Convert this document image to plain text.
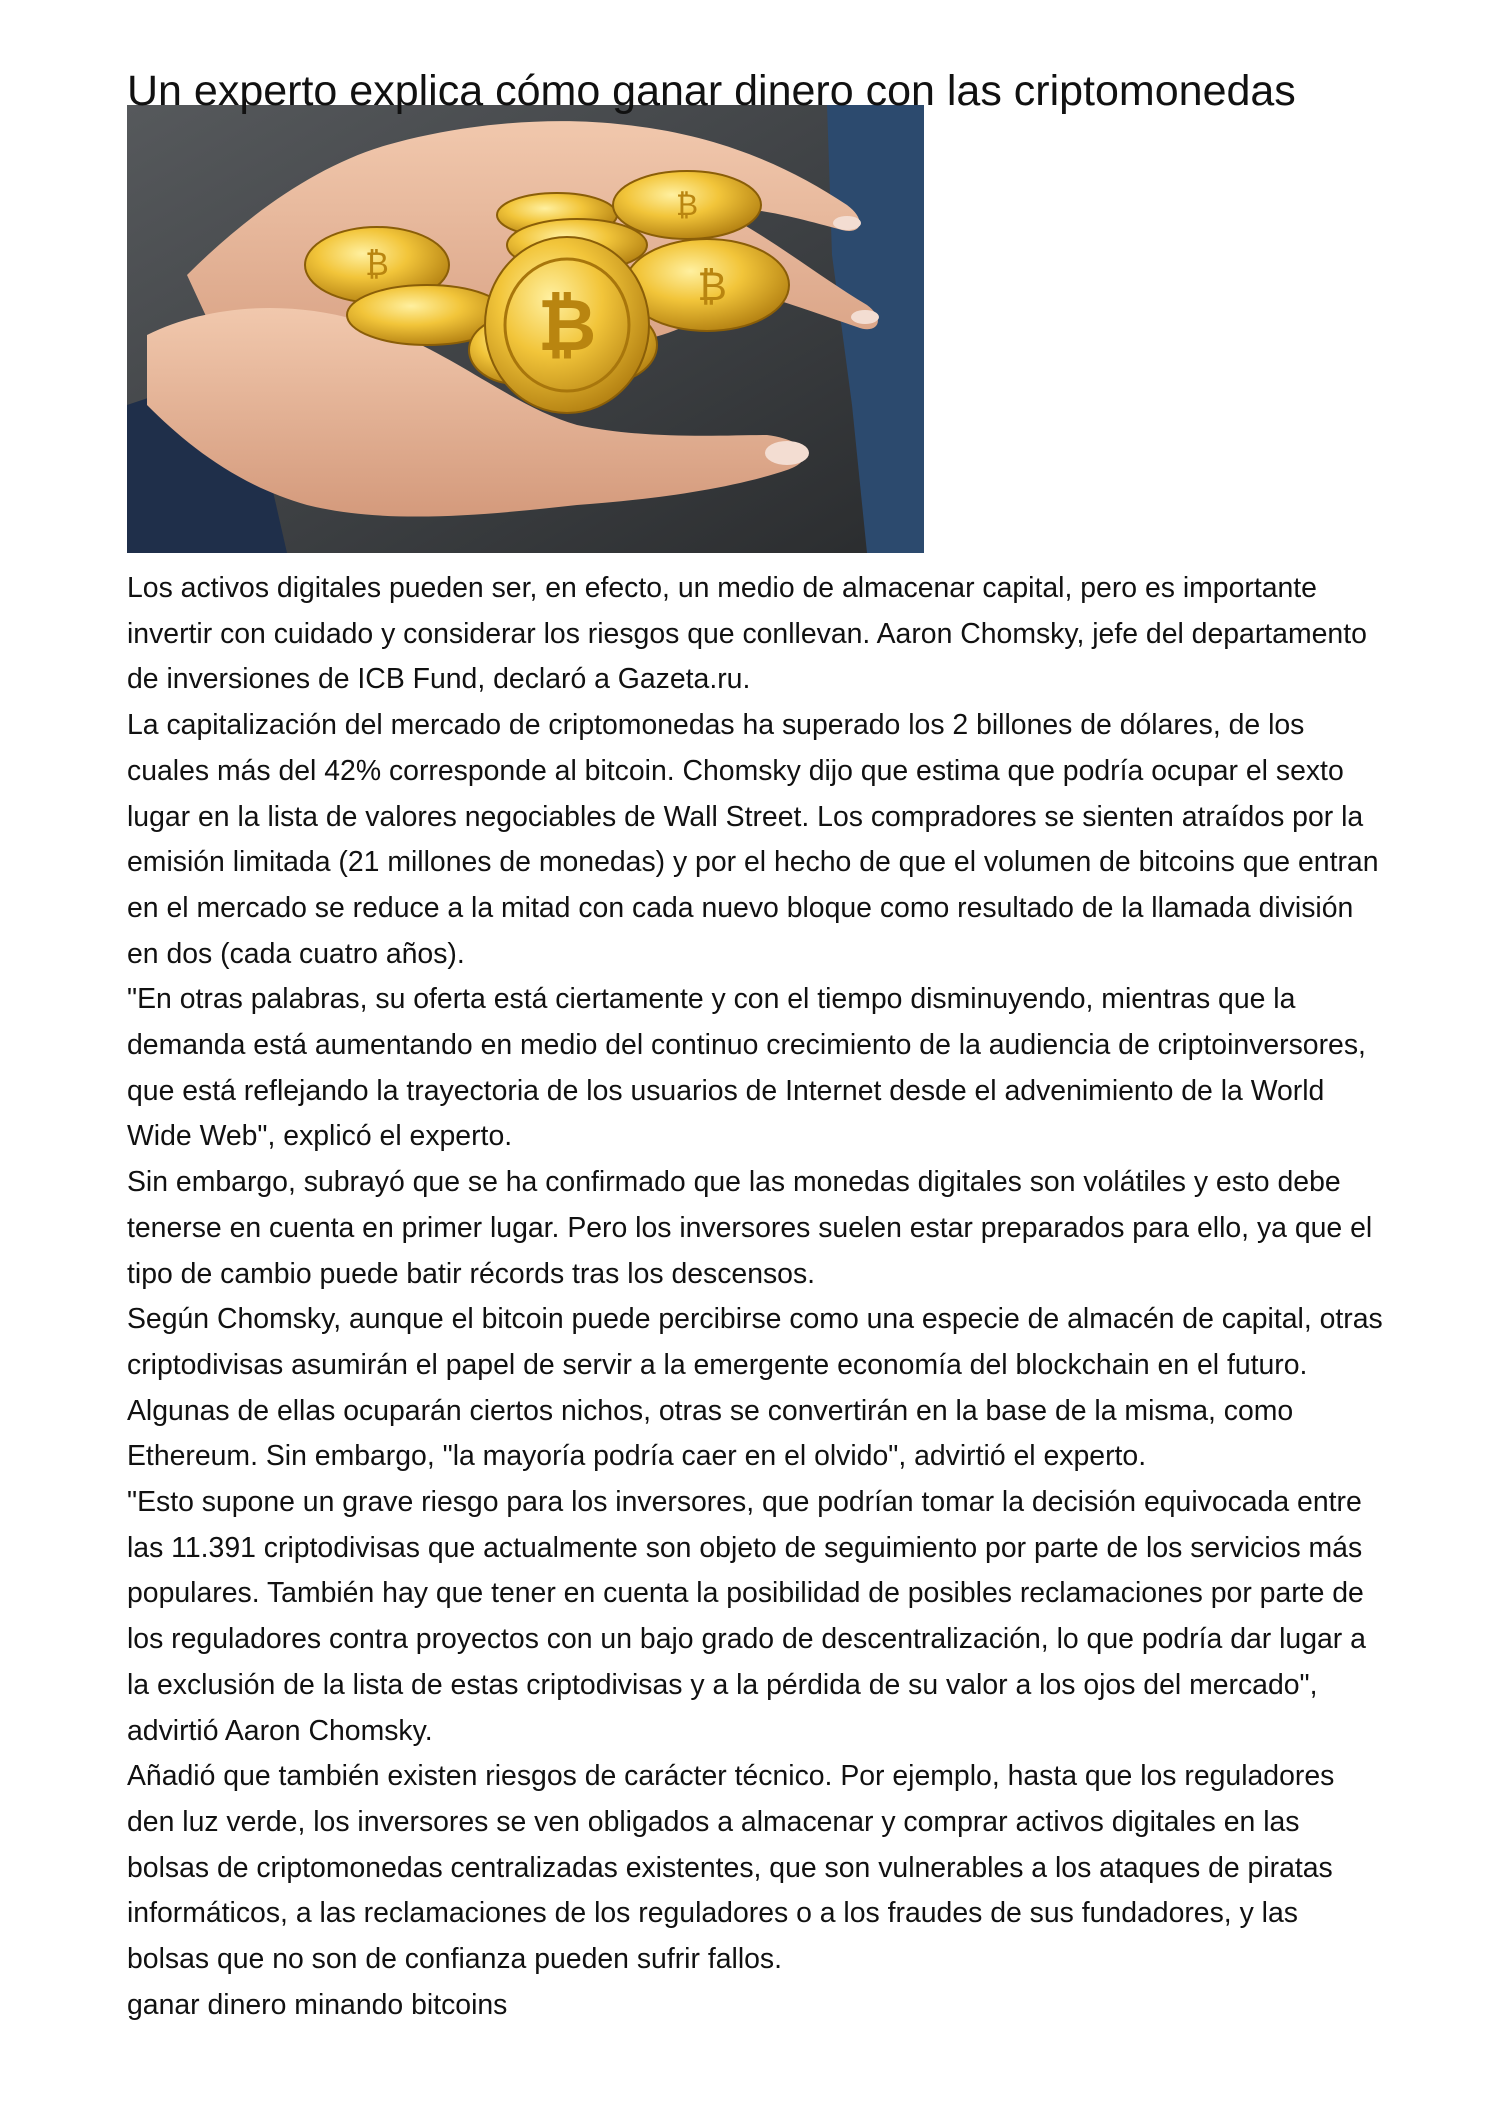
Un experto explica cómo ganar dinero con las criptomonedas
₿
₿
₿
₿

Los activos digitales pueden ser, en efecto, un medio de almacenar capital, pero es importante invertir con cuidado y considerar los riesgos que conllevan. Aaron Chomsky, jefe del departamento de inversiones de ICB Fund, declaró a Gazeta.ru.

La capitalización del mercado de criptomonedas ha superado los 2 billones de dólares, de los cuales más del 42% corresponde al bitcoin. Chomsky dijo que estima que podría ocupar el sexto lugar en la lista de valores negociables de Wall Street. Los compradores se sienten atraídos por la emisión limitada (21 millones de monedas) y por el hecho de que el volumen de bitcoins que entran en el mercado se reduce a la mitad con cada nuevo bloque como resultado de la llamada división en dos (cada cuatro años).

"En otras palabras, su oferta está ciertamente y con el tiempo disminuyendo, mientras que la demanda está aumentando en medio del continuo crecimiento de la audiencia de criptoinversores, que está reflejando la trayectoria de los usuarios de Internet desde el advenimiento de la World Wide Web", explicó el experto.

Sin embargo, subrayó que se ha confirmado que las monedas digitales son volátiles y esto debe tenerse en cuenta en primer lugar. Pero los inversores suelen estar preparados para ello, ya que el tipo de cambio puede batir récords tras los descensos.

Según Chomsky, aunque el bitcoin puede percibirse como una especie de almacén de capital, otras criptodivisas asumirán el papel de servir a la emergente economía del blockchain en el futuro. Algunas de ellas ocuparán ciertos nichos, otras se convertirán en la base de la misma, como Ethereum. Sin embargo, "la mayoría podría caer en el olvido", advirtió el experto.

"Esto supone un grave riesgo para los inversores, que podrían tomar la decisión equivocada entre las 11.391 criptodivisas que actualmente son objeto de seguimiento por parte de los servicios más populares. También hay que tener en cuenta la posibilidad de posibles reclamaciones por parte de los reguladores contra proyectos con un bajo grado de descentralización, lo que podría dar lugar a la exclusión de la lista de estas criptodivisas y a la pérdida de su valor a los ojos del mercado", advirtió Aaron Chomsky.

Añadió que también existen riesgos de carácter técnico. Por ejemplo, hasta que los reguladores den luz verde, los inversores se ven obligados a almacenar y comprar activos digitales en las bolsas de criptomonedas centralizadas existentes, que son vulnerables a los ataques de piratas informáticos, a las reclamaciones de los reguladores o a los fraudes de sus fundadores, y las bolsas que no son de confianza pueden sufrir fallos.

ganar dinero minando bitcoins
